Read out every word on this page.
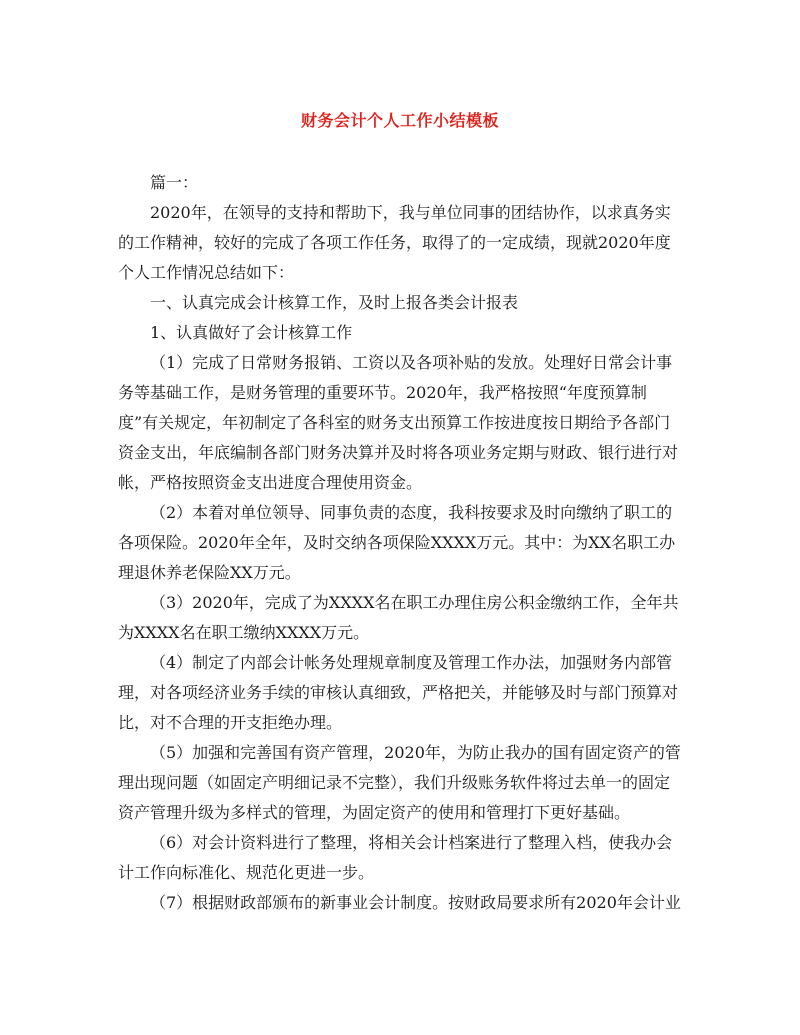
财务会计个人工作小结模板

篇一：

2020年，在领导的支持和帮助下，我与单位同事的团结协作，以求真务实的工作精神，较好的完成了各项工作任务，取得了的一定成绩，现就2020年度个人工作情况总结如下：

一、认真完成会计核算工作，及时上报各类会计报表

1、认真做好了会计核算工作

（1）完成了日常财务报销、工资以及各项补贴的发放。处理好日常会计事务等基础工作，是财务管理的重要环节。2020年，我严格按照“年度预算制度”有关规定，年初制定了各科室的财务支出预算工作按进度按日期给予各部门资金支出，年底编制各部门财务决算并及时将各项业务定期与财政、银行进行对帐，严格按照资金支出进度合理使用资金。

（2）本着对单位领导、同事负责的态度，我科按要求及时向缴纳了职工的各项保险。2020年全年，及时交纳各项保险XXXX万元。其中：为XX名职工办理退休养老保险XX万元。

（3）2020年，完成了为XXXX名在职工办理住房公积金缴纳工作，全年共为XXXX名在职工缴纳XXXX万元。

（4）制定了内部会计帐务处理规章制度及管理工作办法，加强财务内部管理，对各项经济业务手续的审核认真细致，严格把关，并能够及时与部门预算对比，对不合理的开支拒绝办理。

（5）加强和完善国有资产管理，2020年，为防止我办的国有固定资产的管理出现问题（如固定产明细记录不完整），我们升级账务软件将过去单一的固定资产管理升级为多样式的管理，为固定资产的使用和管理打下更好基础。

（6）对会计资料进行了整理，将相关会计档案进行了整理入档，使我办会计工作向标准化、规范化更进一步。

（7）根据财政部颁布的新事业会计制度。按财政局要求所有2020年会计业
